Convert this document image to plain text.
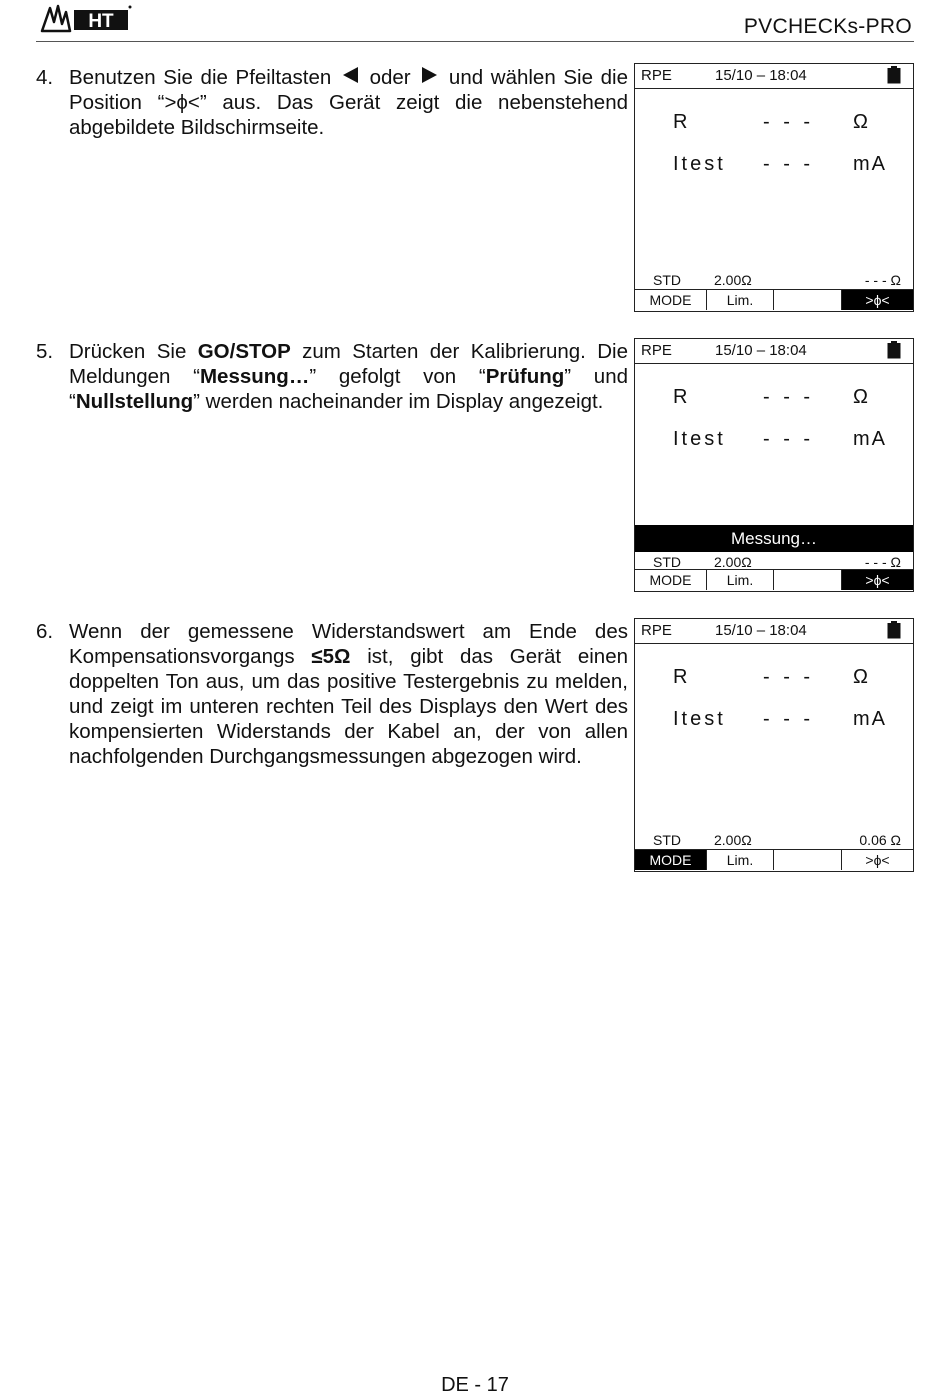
HT	PVCHECKs-PRO
4. Benutzen Sie die Pfeiltasten oder und wählen Sie die Position “>ϕ<” aus. Das Gerät zeigt die nebenstehend abgebildete Bildschirmseite.
5. Drücken Sie GO/STOP zum Starten der Kalibrierung. Die Meldungen “Messung…” gefolgt von “Prüfung” und “Nullstellung” werden nacheinander im Display angezeigt.
6. Wenn der gemessene Widerstandswert am Ende des Kompensationsvorgangs ≤5Ω ist, gibt das Gerät einen doppelten Ton aus, um das positive Testergebnis zu melden, und zeigt im unteren rechten Teil des Displays den Wert des kompensierten Widerstands der Kabel an, der von allen nachfolgenden Durchgangsmessungen abgezogen wird.
RPE	15/10 – 18:04
R	- - - Ω
Itest - - - mA
STD 2.00Ω	- - - Ω
MODE	Lim.	>ϕ<
RPE	15/10 – 18:04
R	- - - Ω
Itest - - - mA
Messung…
STD 2.00Ω	- - - Ω
MODE	Lim.	>ϕ<
RPE	15/10 – 18:04
R	- - - Ω
Itest - - - mA
STD 2.00Ω	0.06 Ω
MODE	Lim.	>ϕ<
DE - 17
